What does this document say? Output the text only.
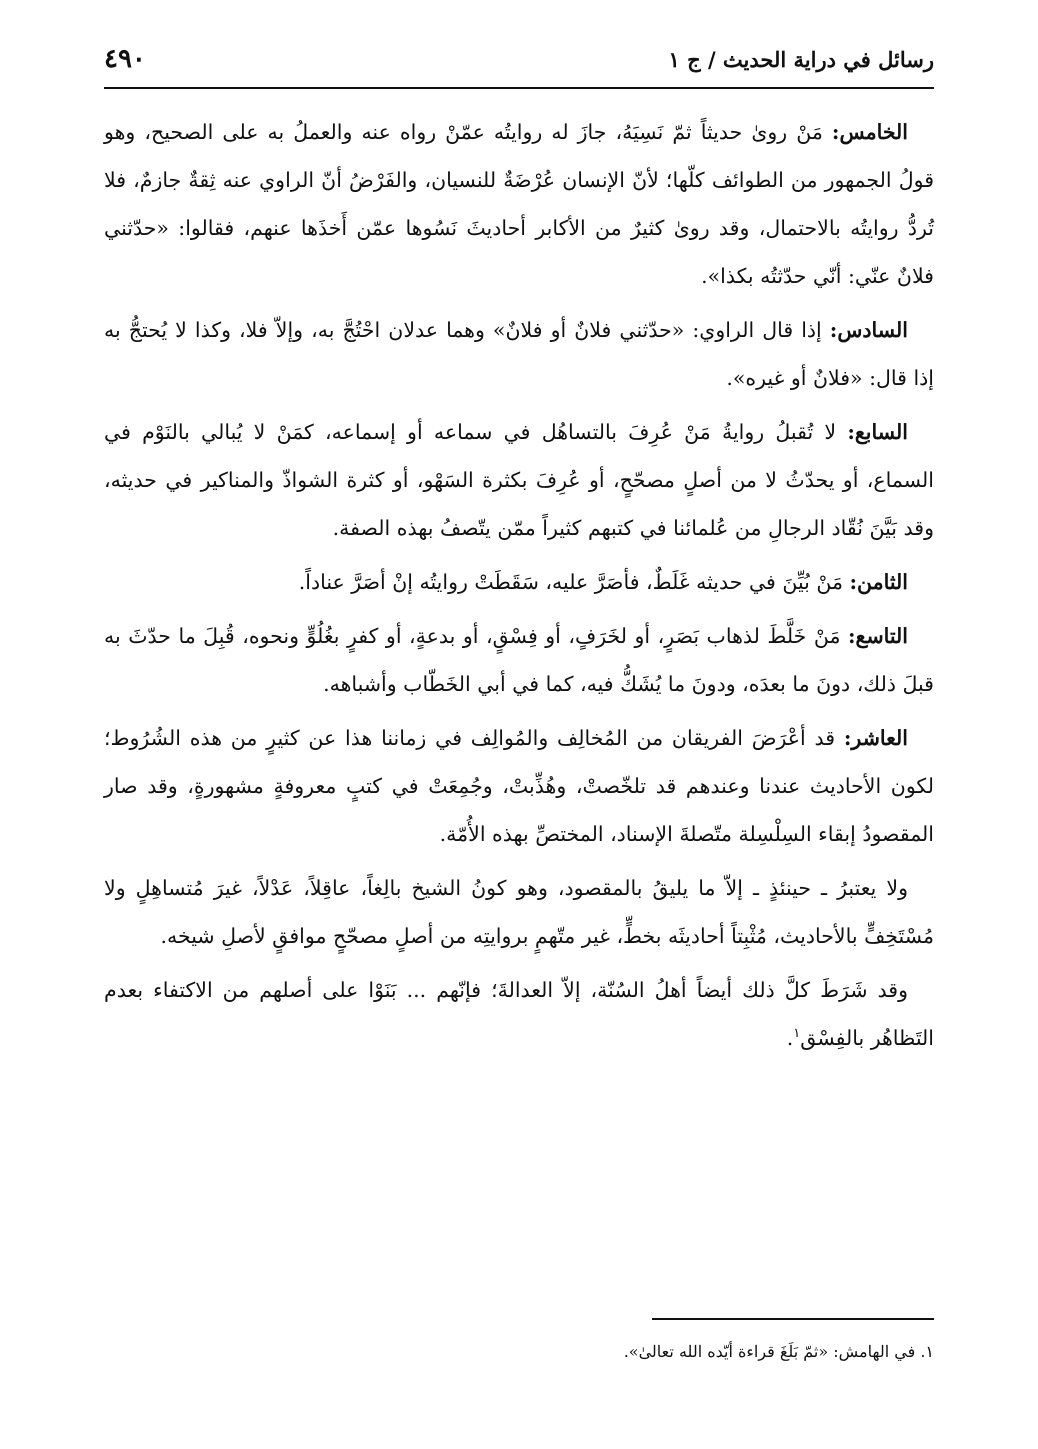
رسائل في دراية الحديث / ج ١
٤٩٠

الخامس: مَنْ روىٰ حديثاً ثمّ نَسِيَهُ، جازَ له روايتُه عمّنْ رواه عنه والعملُ به على الصحيح، وهو قولُ الجمهور من الطوائف كلّها؛ لأنّ الإنسان عُرْضَةٌ للنسيان، والفَرْضُ أنّ الراوي عنه ثِقةٌ جازمٌ، فلا تُردُّ روايتُه بالاحتمال، وقد روىٰ كثيرٌ من الأكابر أحاديثَ نَسُوها عمّن أَخذَها عنهم، فقالوا: «حدّثني فلانٌ عنّي: أنّي حدّثتُه بكذا».

السادس: إذا قال الراوي: «حدّثني فلانٌ أو فلانٌ» وهما عدلان احْتُجَّ به، وإلاّ فلا، وكذا لا يُحتجُّ به إذا قال: «فلانٌ أو غيره».

السابع: لا تُقبلُ روايةُ مَنْ عُرِفَ بالتساهُل في سماعه أو إسماعه، كمَنْ لا يُبالي بالنَوْم في السماع، أو يحدّثُ لا من أصلٍ مصحّحٍ، أو عُرِفَ بكثرة السَهْو، أو كثرة الشواذّ والمناكير في حديثه، وقد بَيَّنَ نُقّاد الرجالِ من عُلمائنا في كتبهم كثيراً ممّن يتّصفُ بهذه الصفة.

الثامن: مَنْ بُيِّنَ في حديثه غَلَطٌ، فأصَرَّ عليه، سَقَطَتْ روايتُه إنْ أصَرَّ عناداً.

التاسع: مَنْ خَلَّطَ لذهاب بَصَرٍ، أو لخَرَفٍ، أو فِسْقٍ، أو بدعةٍ، أو كفرٍ بغُلُوٍّ ونحوه، قُبِلَ ما حدّثَ به قبلَ ذلك، دونَ ما بعدَه، ودونَ ما يُشَكُّ فيه، كما في أبي الخَطّاب وأشباهه.

العاشر: قد أعْرَضَ الفريقان من المُخالِف والمُوالِف في زماننا هذا عن كثيرٍ من هذه الشُرُوط؛ لكون الأحاديث عندنا وعندهم قد تلخّصتْ، وهُذِّبتْ، وجُمِعَتْ في كتبٍ معروفةٍ مشهورةٍ، وقد صار المقصودُ إبقاء السِلْسِلة متّصلةَ الإسناد، المختصِّ بهذه الأُمّة.

ولا يعتبرُ ـ حينئذٍ ـ إلاّ ما يليقُ بالمقصود، وهو كونُ الشيخ بالِغاً، عاقِلاً، عَدْلاً، غيرَ مُتساهِلٍ ولا مُسْتَخِفٍّ بالأحاديث، مُثْبِتاً أحاديثَه بخطٍّ، غير متّهمٍ بروايتِه من أصلٍ مصحّحٍ موافقٍ لأصلِ شيخه.

وقد شَرَطَ كلَّ ذلك أيضاً أهلُ السُنّة، إلاّ العدالةَ؛ فإنّهم ... بَنَوْا على أصلهم من الاكتفاء بعدم التَظاهُر بالفِسْق$^١$.

١. في الهامش: «ثمّ بَلَغَ قراءة أيّده الله تعالىٰ».
